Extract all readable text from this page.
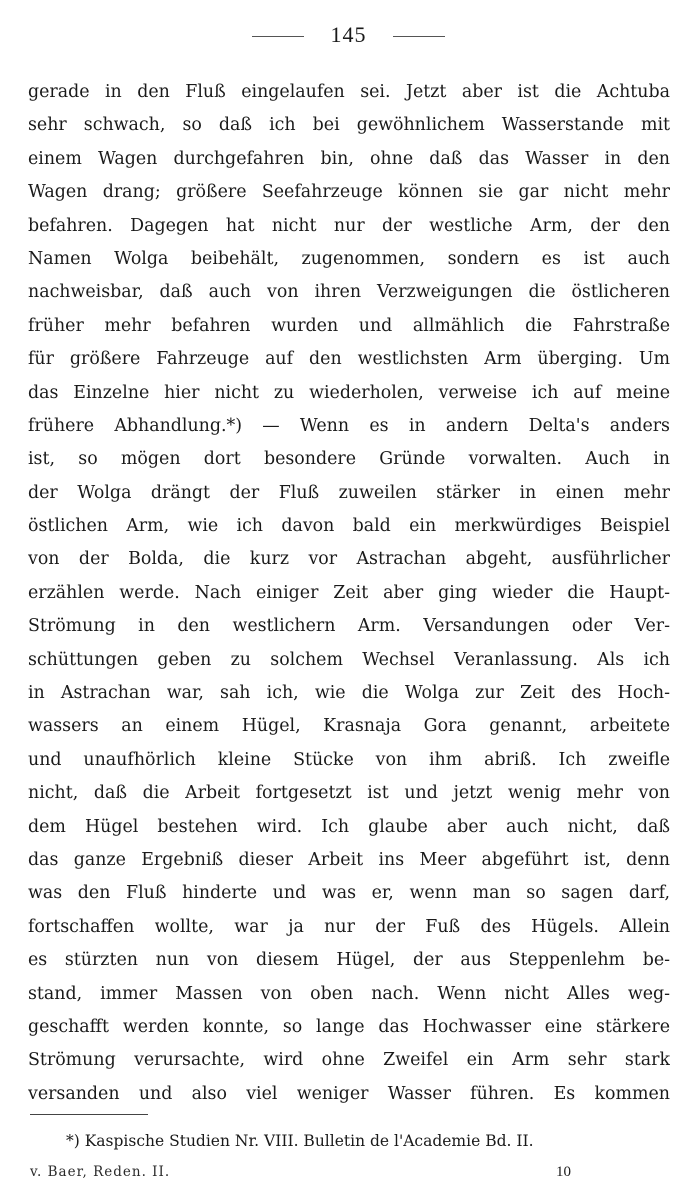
145
gerade in den Fluß eingelaufen sei. Jetzt aber ist die Achtuba
sehr schwach, so daß ich bei gewöhnlichem Wasserstande mit
einem Wagen durchgefahren bin, ohne daß das Wasser in den
Wagen drang; größere Seefahrzeuge können sie gar nicht mehr
befahren. Dagegen hat nicht nur der westliche Arm, der den
Namen Wolga beibehält, zugenommen, sondern es ist auch
nachweisbar, daß auch von ihren Verzweigungen die östlicheren
früher mehr befahren wurden und allmählich die Fahrstraße
für größere Fahrzeuge auf den westlichsten Arm überging. Um
das Einzelne hier nicht zu wiederholen, verweise ich auf meine
frühere Abhandlung.*) — Wenn es in andern Delta's anders
ist, so mögen dort besondere Gründe vorwalten. Auch in
der Wolga drängt der Fluß zuweilen stärker in einen mehr
östlichen Arm, wie ich davon bald ein merkwürdiges Beispiel
von der Bolda, die kurz vor Astrachan abgeht, ausführlicher
erzählen werde. Nach einiger Zeit aber ging wieder die Haupt-
Strömung in den westlichern Arm. Versandungen oder Ver-
schüttungen geben zu solchem Wechsel Veranlassung. Als ich
in Astrachan war, sah ich, wie die Wolga zur Zeit des Hoch-
wassers an einem Hügel, Krasnaja Gora genannt, arbeitete
und unaufhörlich kleine Stücke von ihm abriß. Ich zweifle
nicht, daß die Arbeit fortgesetzt ist und jetzt wenig mehr von
dem Hügel bestehen wird. Ich glaube aber auch nicht, daß
das ganze Ergebniß dieser Arbeit ins Meer abgeführt ist, denn
was den Fluß hinderte und was er, wenn man so sagen darf,
fortschaffen wollte, war ja nur der Fuß des Hügels. Allein
es stürzten nun von diesem Hügel, der aus Steppenlehm be-
stand, immer Massen von oben nach. Wenn nicht Alles weg-
geschafft werden konnte, so lange das Hochwasser eine stärkere
Strömung verursachte, wird ohne Zweifel ein Arm sehr stark
versanden und also viel weniger Wasser führen. Es kommen
*) Kaspische Studien Nr. VIII. Bulletin de l'Academie Bd. II.
v. Baer, Reden. II.	10
